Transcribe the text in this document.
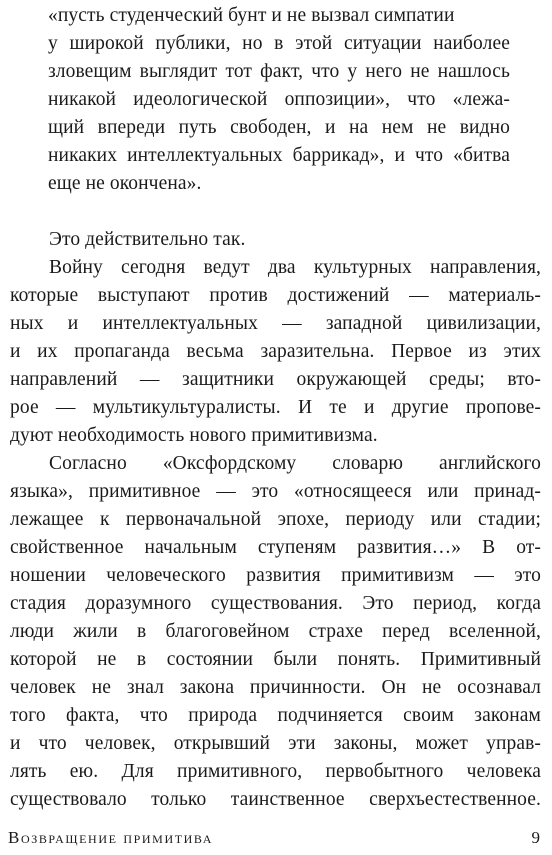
«пусть студенческий бунт и не вызвал симпатии
у широкой публики, но в этой ситуации наиболее
зловещим выглядит тот факт, что у него не нашлось
никакой идеологической оппозиции», что «лежа-
щий впереди путь свободен, и на нем не видно
никаких интеллектуальных баррикад», и что «битва
еще не окончена».
Это действительно так.
Войну сегодня ведут два культурных направления,
которые выступают против достижений — материаль-
ных и интеллектуальных — западной цивилизации,
и их пропаганда весьма заразительна. Первое из этих
направлений — защитники окружающей среды; вто-
рое — мультикультуралисты. И те и другие пропове-
дуют необходимость нового примитивизма.
Согласно «Оксфордскому словарю английского
языка», примитивное — это «относящееся или принад-
лежащее к первоначальной эпохе, периоду или стадии;
свойственное начальным ступеням развития…» В от-
ношении человеческого развития примитивизм — это
стадия доразумного существования. Это период, когда
люди жили в благоговейном страхе перед вселенной,
которой не в состоянии были понять. Примитивный
человек не знал закона причинности. Он не осознавал
того факта, что природа подчиняется своим законам
и что человек, открывший эти законы, может управ-
лять ею. Для примитивного, первобытного человека
существовало только таинственное сверхъестественное.
Возвращение примитива	9
